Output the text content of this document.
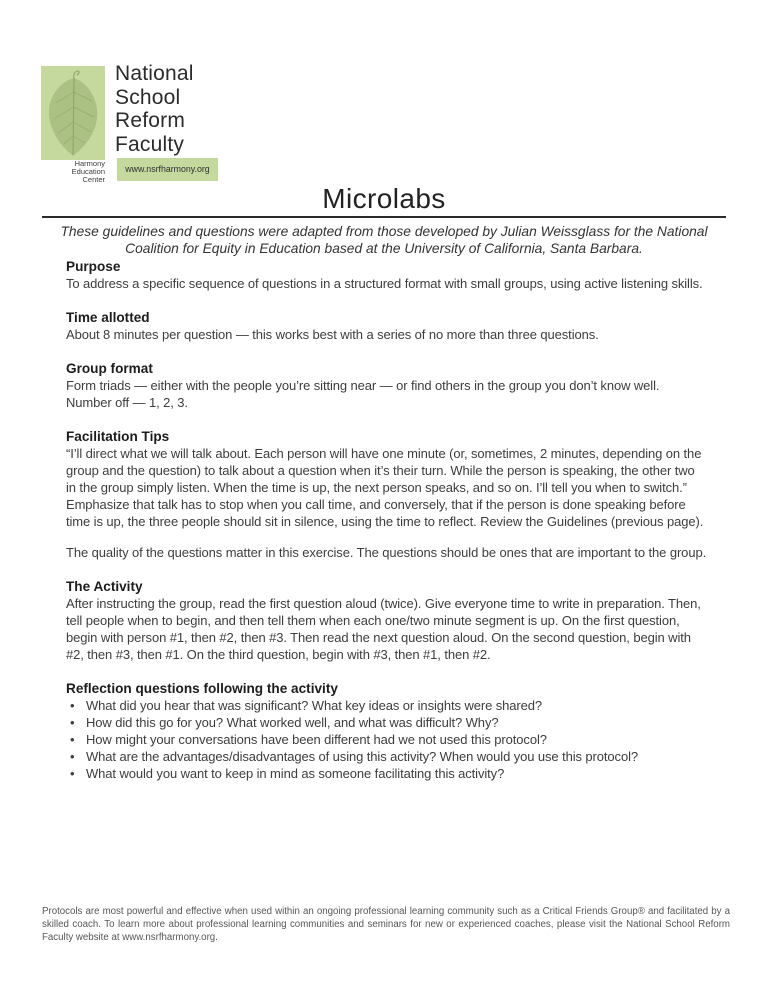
National
School
Reform
Faculty
Harmony
Education
Center
www.nsrfharmony.org
Microlabs
These guidelines and questions were adapted from those developed by Julian Weissglass for the National
Coalition for Equity in Education based at the University of California, Santa Barbara.
Purpose

To address a specific sequence of questions in a structured format with small groups, using active listening skills.

Time allotted

About 8 minutes per question — this works best with a series of no more than three questions.

Group format

Form triads — either with the people you’re sitting near — or find others in the group you don’t know well. Number off — 1, 2, 3.

Facilitation Tips

“I’ll direct what we will talk about. Each person will have one minute (or, sometimes, 2 minutes, depending on the group and the question) to talk about a question when it’s their turn. While the person is speaking, the other two in the group simply listen. When the time is up, the next person speaks, and so on. I’ll tell you when to switch.” Emphasize that talk has to stop when you call time, and conversely, that if the person is done speaking before time is up, the three people should sit in silence, using the time to reflect. Review the Guidelines (previous page).

The quality of the questions matter in this exercise. The questions should be ones that are important to the group.

The Activity

After instructing the group, read the first question aloud (twice). Give everyone time to write in preparation. Then, tell people when to begin, and then tell them when each one/two minute segment is up. On the first question, begin with person #1, then #2, then #3. Then read the next question aloud. On the second question, begin with #2, then #3, then #1. On the third question, begin with #3, then #1, then #2.

Reflection questions following the activity
• What did you hear that was significant? What key ideas or insights were shared?
• How did this go for you? What worked well, and what was difficult? Why?
• How might your conversations have been different had we not used this protocol?
• What are the advantages/disadvantages of using this activity? When would you use this protocol?
• What would you want to keep in mind as someone facilitating this activity?
Protocols are most powerful and effective when used within an ongoing professional learning community such as a Critical Friends Group® and facilitated by a skilled coach. To learn more about professional learning communities and seminars for new or experienced coaches, please visit the National School Reform Faculty website at www.nsrfharmony.org.
